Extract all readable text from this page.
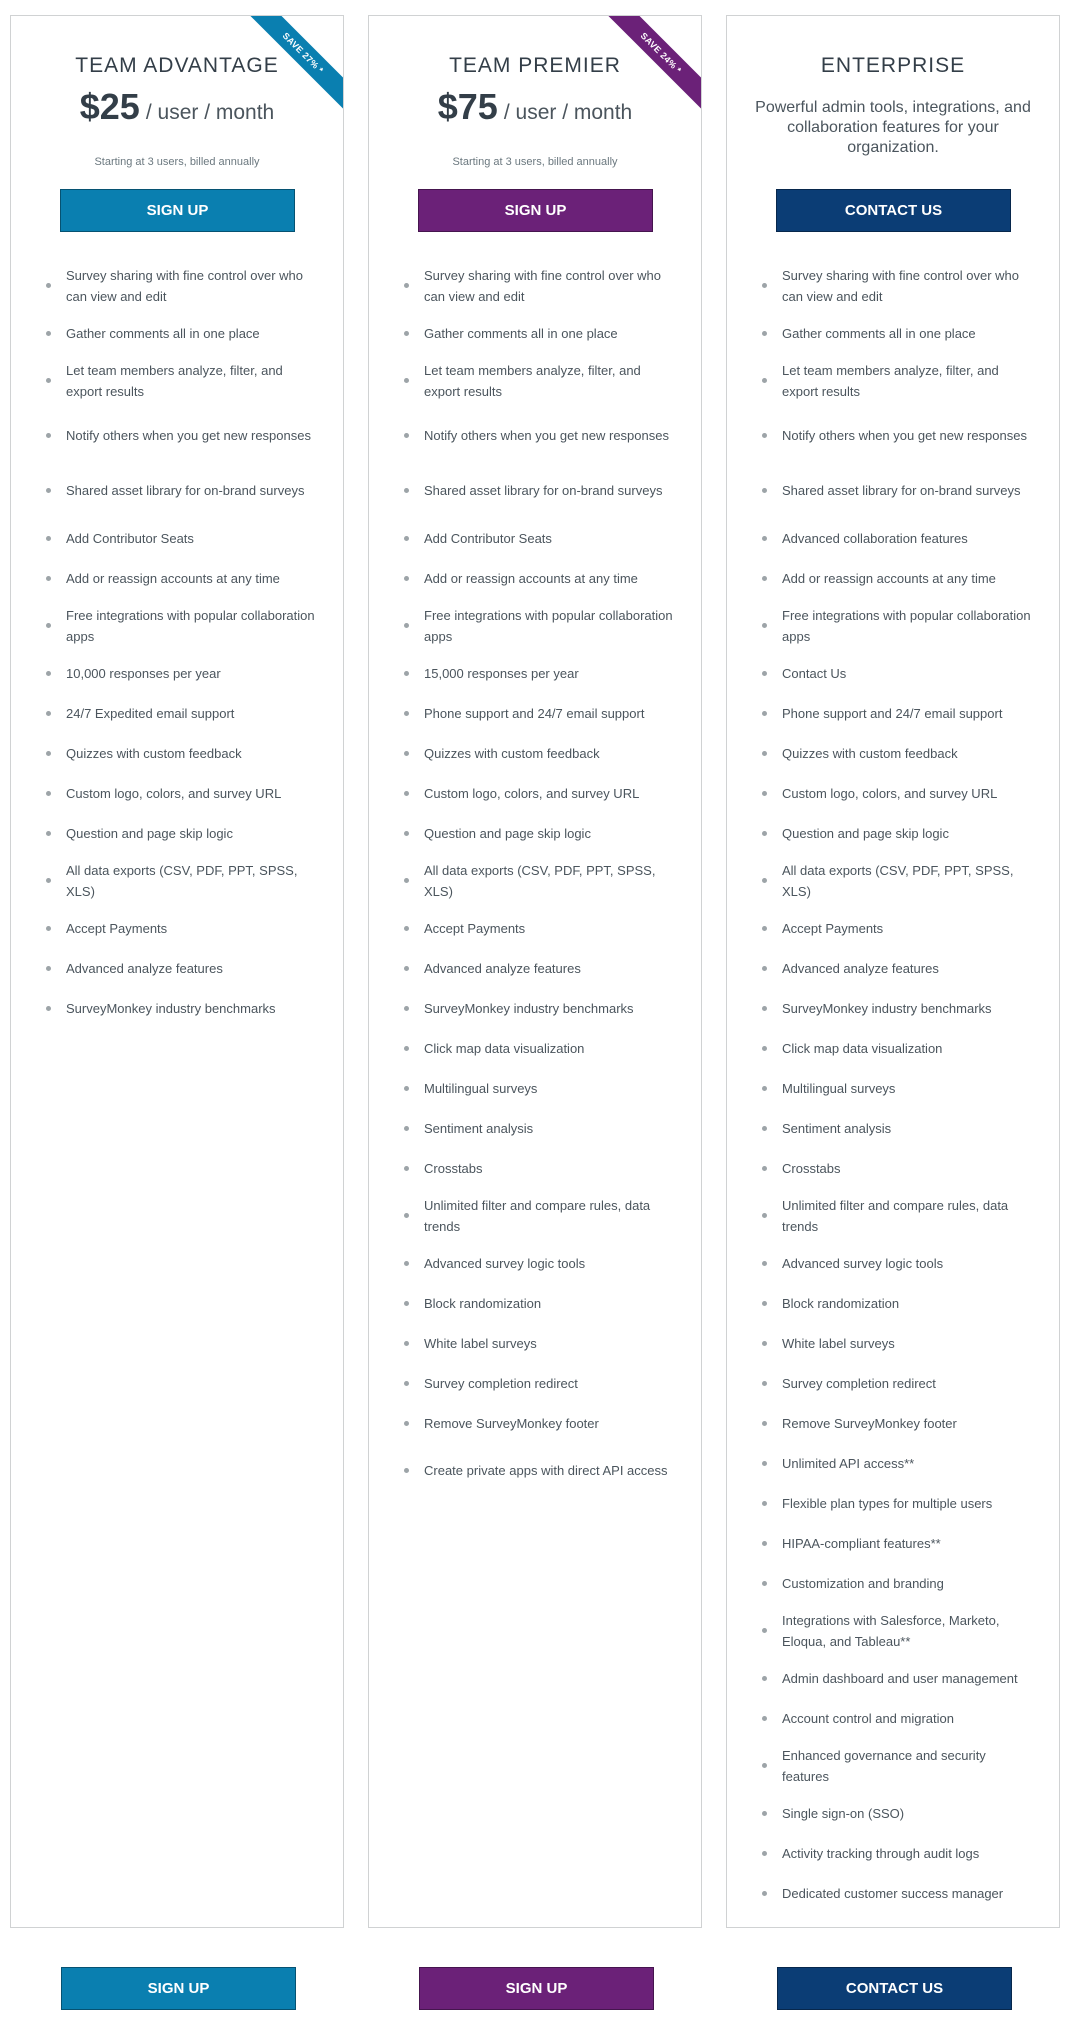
SAVE 27% *
TEAM ADVANTAGE
$25 / user / month
Starting at 3 users, billed annually
SIGN UP
Survey sharing with fine control over who can view and edit
Gather comments all in one place
Let team members analyze, filter, and export results
Notify others when you get new responses
Shared asset library for on-brand surveys
Add Contributor Seats
Add or reassign accounts at any time
Free integrations with popular collaboration apps
10,000 responses per year
24/7 Expedited email support
Quizzes with custom feedback
Custom logo, colors, and survey URL
Question and page skip logic
All data exports (CSV, PDF, PPT, SPSS, XLS)
Accept Payments
Advanced analyze features
SurveyMonkey industry benchmarks
SAVE 24% *
TEAM PREMIER
$75 / user / month
Starting at 3 users, billed annually
SIGN UP
Survey sharing with fine control over who can view and edit
Gather comments all in one place
Let team members analyze, filter, and export results
Notify others when you get new responses
Shared asset library for on-brand surveys
Add Contributor Seats
Add or reassign accounts at any time
Free integrations with popular collaboration apps
15,000 responses per year
Phone support and 24/7 email support
Quizzes with custom feedback
Custom logo, colors, and survey URL
Question and page skip logic
All data exports (CSV, PDF, PPT, SPSS, XLS)
Accept Payments
Advanced analyze features
SurveyMonkey industry benchmarks
Click map data visualization
Multilingual surveys
Sentiment analysis
Crosstabs
Unlimited filter and compare rules, data trends
Advanced survey logic tools
Block randomization
White label surveys
Survey completion redirect
Remove SurveyMonkey footer
Create private apps with direct API access
ENTERPRISE
Powerful admin tools, integrations, and collaboration features for your organization.
CONTACT US
Survey sharing with fine control over who can view and edit
Gather comments all in one place
Let team members analyze, filter, and export results
Notify others when you get new responses
Shared asset library for on-brand surveys
Advanced collaboration features
Add or reassign accounts at any time
Free integrations with popular collaboration apps
Contact Us
Phone support and 24/7 email support
Quizzes with custom feedback
Custom logo, colors, and survey URL
Question and page skip logic
All data exports (CSV, PDF, PPT, SPSS, XLS)
Accept Payments
Advanced analyze features
SurveyMonkey industry benchmarks
Click map data visualization
Multilingual surveys
Sentiment analysis
Crosstabs
Unlimited filter and compare rules, data trends
Advanced survey logic tools
Block randomization
White label surveys
Survey completion redirect
Remove SurveyMonkey footer
Unlimited API access**
Flexible plan types for multiple users
HIPAA-compliant features**
Customization and branding
Integrations with Salesforce, Marketo, Eloqua, and Tableau**
Admin dashboard and user management
Account control and migration
Enhanced governance and security features
Single sign-on (SSO)
Activity tracking through audit logs
Dedicated customer success manager
SIGN UP	SIGN UP	CONTACT US
